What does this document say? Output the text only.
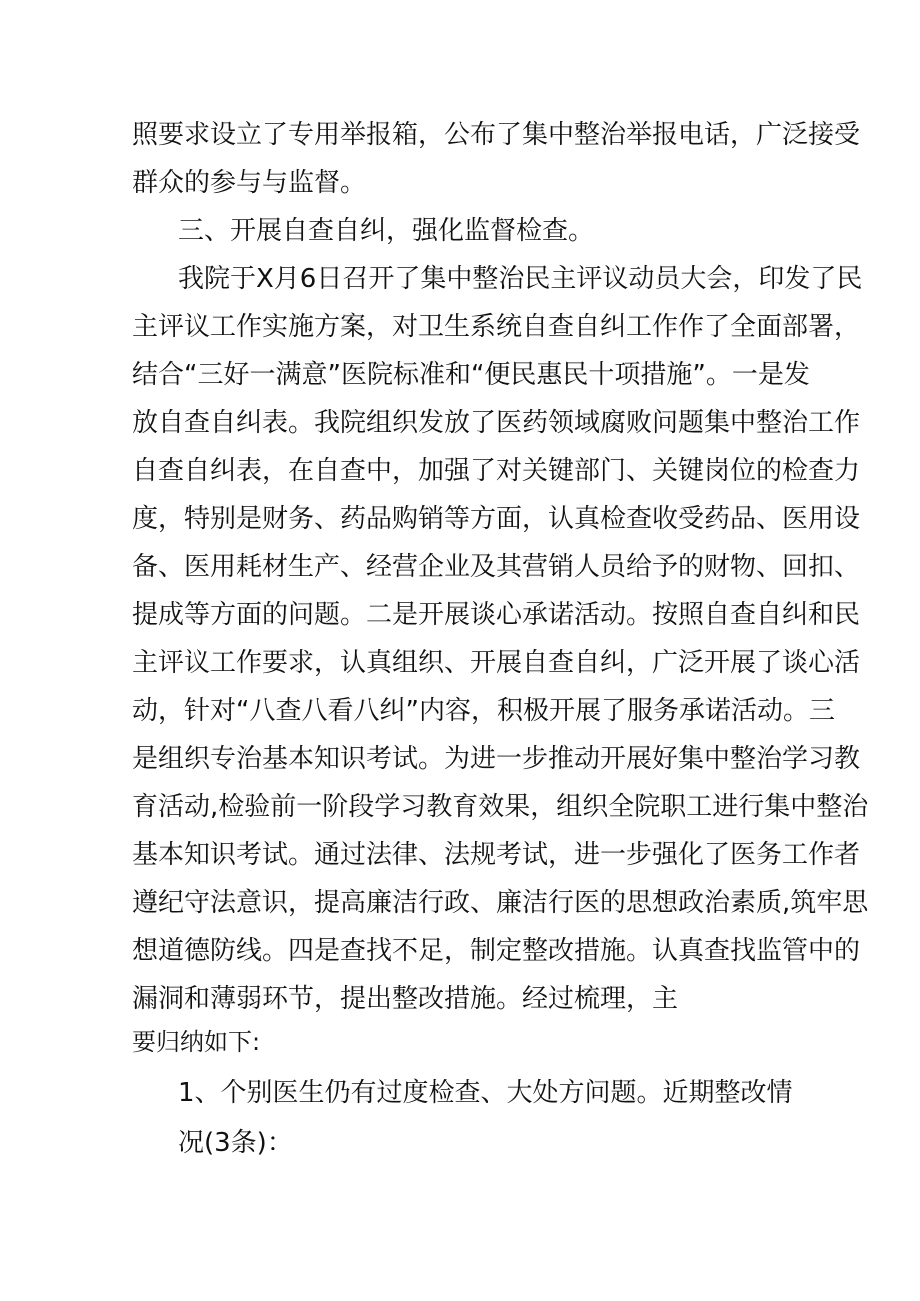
照要求设立了专用举报箱，公布了集中整治举报电话，广泛接受
群众的参与与监督。
三、开展自查自纠，强化监督检查。
我院于X月6日召开了集中整治民主评议动员大会，印发了民
主评议工作实施方案，对卫生系统自查自纠工作作了全面部署，
结合“三好一满意”医院标准和“便民惠民十项措施”。一是发
放自查自纠表。我院组织发放了医药领域腐败问题集中整治工作
自查自纠表，在自查中，加强了对关键部门、关键岗位的检查力
度，特别是财务、药品购销等方面，认真检查收受药品、医用设
备、医用耗材生产、经营企业及其营销人员给予的财物、回扣、
提成等方面的问题。二是开展谈心承诺活动。按照自查自纠和民
主评议工作要求，认真组织、开展自查自纠，广泛开展了谈心活
动，针对“八查八看八纠”内容，积极开展了服务承诺活动。三
是组织专治基本知识考试。为进一步推动开展好集中整治学习教
育活动,检验前一阶段学习教育效果，组织全院职工进行集中整治
基本知识考试。通过法律、法规考试，进一步强化了医务工作者
遵纪守法意识，提高廉洁行政、廉洁行医的思想政治素质,筑牢思
想道德防线。四是查找不足，制定整改措施。认真查找监管中的
漏洞和薄弱环节，提出整改措施。经过梳理，主
要归纳如下:
1、个别医生仍有过度检查、大处方问题。近期整改情
况(3条)：
